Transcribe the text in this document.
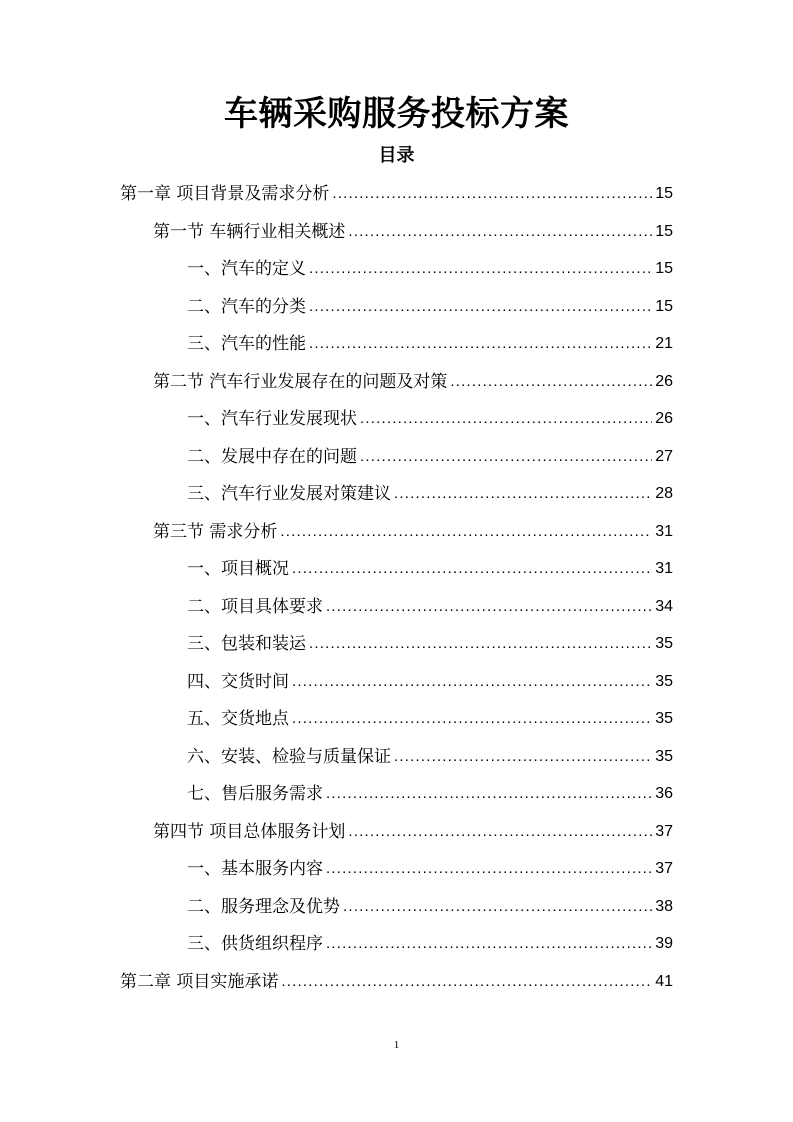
车辆采购服务投标方案
目录
第一章 项目背景及需求分析 .....	15
第一节 车辆行业相关概述 .....	15
一、汽车的定义 .....	15
二、汽车的分类 .....	15
三、汽车的性能 .....	21
第二节 汽车行业发展存在的问题及对策 .....	26
一、汽车行业发展现状 .....	26
二、发展中存在的问题 .....	27
三、汽车行业发展对策建议 .....	28
第三节 需求分析 .....	31
一、项目概况 .....	31
二、项目具体要求 .....	34
三、包装和装运 .....	35
四、交货时间 .....	35
五、交货地点 .....	35
六、安装、检验与质量保证 .....	35
七、售后服务需求 .....	36
第四节 项目总体服务计划 .....	37
一、基本服务内容 .....	37
二、服务理念及优势 .....	38
三、供货组织程序 .....	39
第二章 项目实施承诺 .....	41
1
